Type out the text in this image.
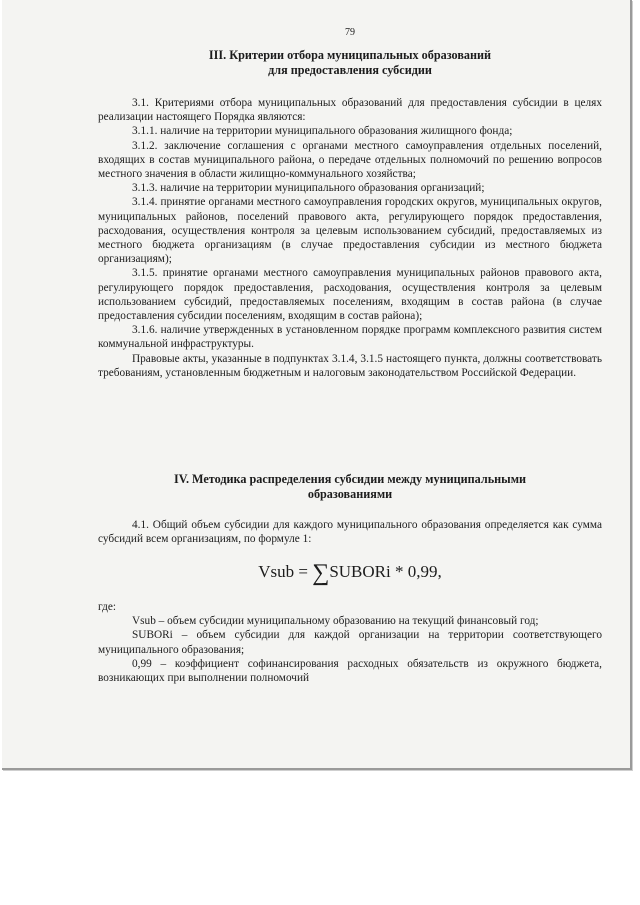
79
III. Критерии отбора муниципальных образований
для предоставления субсидии

3.1. Критериями отбора муниципальных образований для предоставления субсидии в целях реализации настоящего Порядка являются:

3.1.1. наличие на территории муниципального образования жилищного фонда;

3.1.2. заключение соглашения с органами местного самоуправления отдельных поселений, входящих в состав муниципального района, о передаче отдельных полномочий по решению вопросов местного значения в области жилищно-коммунального хозяйства;

3.1.3. наличие на территории муниципального образования организаций;

3.1.4. принятие органами местного самоуправления городских округов, муниципальных округов, муниципальных районов, поселений правового акта, регулирующего порядок предоставления, расходования, осуществления контроля за целевым использованием субсидий, предоставляемых из местного бюджета организациям (в случае предоставления субсидии из местного бюджета организациям);

3.1.5. принятие органами местного самоуправления муниципальных районов правового акта, регулирующего порядок предоставления, расходования, осуществления контроля за целевым использованием субсидий, предоставляемых поселениям, входящим в состав района (в случае предоставления субсидии поселениям, входящим в состав района);

3.1.6. наличие утвержденных в установленном порядке программ комплексного развития систем коммунальной инфраструктуры.

Правовые акты, указанные в подпунктах 3.1.4, 3.1.5 настоящего пункта, должны соответствовать требованиям, установленным бюджетным и налоговым законодательством Российской Федерации.

IV. Методика распределения субсидии между муниципальными
образованиями

4.1. Общий объем субсидии для каждого муниципального образования определяется как сумма субсидий всем организациям, по формуле 1:

Vsub = ∑SUBORi * 0,99,

где:

Vsub – объем субсидии муниципальному образованию на текущий финансовый год;

SUBORi – объем субсидии для каждой организации на территории соответствующего муниципального образования;

0,99 – коэффициент софинансирования расходных обязательств из окружного бюджета, возникающих при выполнении полномочий
